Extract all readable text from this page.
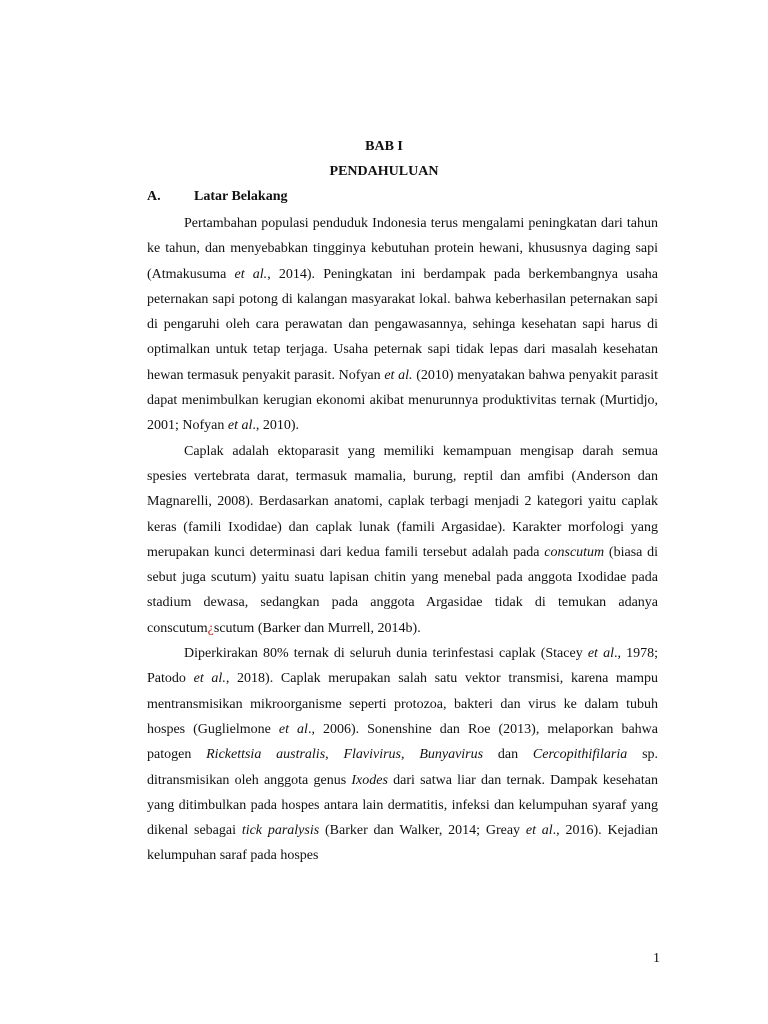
BAB I
PENDAHULUAN
A. Latar Belakang

Pertambahan populasi penduduk Indonesia terus mengalami peningkatan dari tahun ke tahun, dan menyebabkan tingginya kebutuhan protein hewani, khususnya daging sapi (Atmakusuma et al., 2014). Peningkatan ini berdampak pada berkembangnya usaha peternakan sapi potong di kalangan masyarakat lokal. bahwa keberhasilan peternakan sapi di pengaruhi oleh cara perawatan dan pengawasannya, sehinga kesehatan sapi harus di optimalkan untuk tetap terjaga. Usaha peternak sapi tidak lepas dari masalah kesehatan hewan termasuk penyakit parasit. Nofyan et al. (2010) menyatakan bahwa penyakit parasit dapat menimbulkan kerugian ekonomi akibat menurunnya produktivitas ternak (Murtidjo, 2001; Nofyan et al., 2010).

Caplak adalah ektoparasit yang memiliki kemampuan mengisap darah semua spesies vertebrata darat, termasuk mamalia, burung, reptil dan amfibi (Anderson dan Magnarelli, 2008). Berdasarkan anatomi, caplak terbagi menjadi 2 kategori yaitu caplak keras (famili Ixodidae) dan caplak lunak (famili Argasidae). Karakter morfologi yang merupakan kunci determinasi dari kedua famili tersebut adalah pada conscutum (biasa di sebut juga scutum) yaitu suatu lapisan chitin yang menebal pada anggota Ixodidae pada stadium dewasa, sedangkan pada anggota Argasidae tidak di temukan adanya conscutum¿scutum (Barker dan Murrell, 2014b).

Diperkirakan 80% ternak di seluruh dunia terinfestasi caplak (Stacey et al., 1978; Patodo et al., 2018). Caplak merupakan salah satu vektor transmisi, karena mampu mentransmisikan mikroorganisme seperti protozoa, bakteri dan virus ke dalam tubuh hospes (Guglielmone et al., 2006). Sonenshine dan Roe (2013), melaporkan bahwa patogen Rickettsia australis, Flavivirus, Bunyavirus dan Cercopithifilaria sp. ditransmisikan oleh anggota genus Ixodes dari satwa liar dan ternak. Dampak kesehatan yang ditimbulkan pada hospes antara lain dermatitis, infeksi dan kelumpuhan syaraf yang dikenal sebagai tick paralysis (Barker dan Walker, 2014; Greay et al., 2016). Kejadian kelumpuhan saraf pada hospes

1
